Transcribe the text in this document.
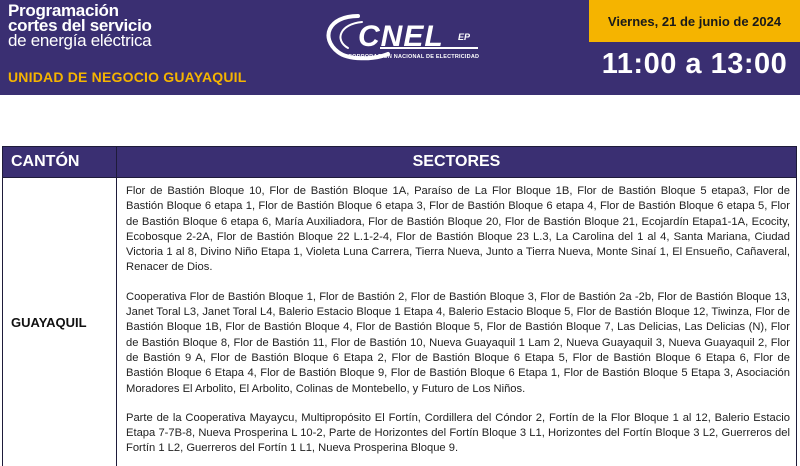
Programación
cortes del servicio
de energía eléctrica
UNIDAD DE NEGOCIO GUAYAQUIL
CNEL EP
CORPORACIÓN NACIONAL DE ELECTRICIDAD
Viernes, 21 de junio de 2024
11:00 a 13:00
CANTÓN	SECTORES
GUAYAQUIL
Flor de Bastión Bloque 10, Flor de Bastión Bloque 1A, Paraíso de La Flor Bloque 1B, Flor de Bastión Bloque 5 etapa3, Flor de Bastión Bloque 6 etapa 1, Flor de Bastión Bloque 6 etapa 3, Flor de Bastión Bloque 6 etapa 4, Flor de Bastión Bloque 6 etapa 5, Flor de Bastión Bloque 6 etapa 6, María Auxiliadora, Flor de Bastión Bloque 20, Flor de Bastión Bloque 21, Ecojardín Etapa1-1A, Ecocity, Ecobosque 2-2A, Flor de Bastión Bloque 22 L.1-2-4, Flor de Bastión Bloque 23 L.3, La Carolina del 1 al 4, Santa Mariana, Ciudad Victoria 1 al 8, Divino Niño Etapa 1, Violeta Luna Carrera, Tierra Nueva, Junto a Tierra Nueva, Monte Sinaí 1, El Ensueño, Cañaveral, Renacer de Dios.
Cooperativa Flor de Bastión Bloque 1, Flor de Bastión 2, Flor de Bastión Bloque 3, Flor de Bastión 2a -2b, Flor de Bastión Bloque 13, Janet Toral L3, Janet Toral L4, Balerio Estacio Bloque 1 Etapa 4, Balerio Estacio Bloque 5, Flor de Bastión Bloque 12, Tiwinza, Flor de Bastión Bloque 1B, Flor de Bastión Bloque 4, Flor de Bastión Bloque 5, Flor de Bastión Bloque 7, Las Delicias, Las Delicias (N), Flor de Bastión Bloque 8, Flor de Bastión 11, Flor de Bastión 10, Nueva Guayaquil 1 Lam 2, Nueva Guayaquil 3, Nueva Guayaquil 2, Flor de Bastión 9 A, Flor de Bastión Bloque 6 Etapa 2, Flor de Bastión Bloque 6 Etapa 5, Flor de Bastión Bloque 6 Etapa 6, Flor de Bastión Bloque 6 Etapa 4, Flor de Bastión Bloque 9, Flor de Bastión Bloque 6 Etapa 1, Flor de Bastión Bloque 5 Etapa 3, Asociación Moradores El Arbolito, El Arbolito, Colinas de Montebello, y Futuro de Los Niños.
Parte de la Cooperativa Mayaycu, Multipropósito El Fortín, Cordillera del Cóndor 2, Fortín de la Flor Bloque 1 al 12, Balerio Estacio Etapa 7-7B-8, Nueva Prosperina L 10-2, Parte de Horizontes del Fortín Bloque 3 L1, Horizontes del Fortín Bloque 3 L2, Guerreros del Fortín 1 L2, Guerreros del Fortín 1 L1, Nueva Prosperina Bloque 9.
